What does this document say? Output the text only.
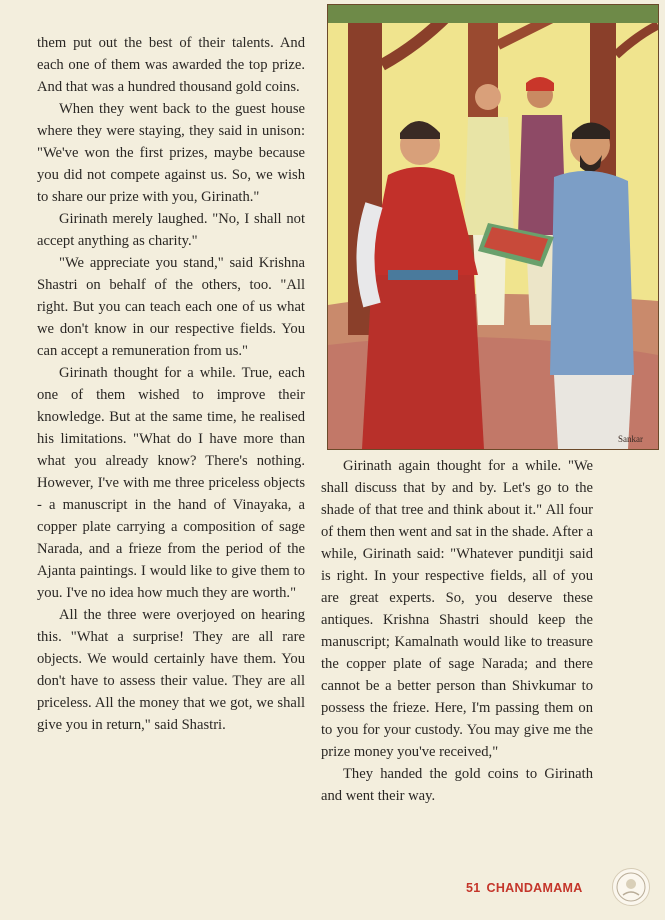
them put out the best of their talents. And each one of them was awarded the top prize. And that was a hundred thousand gold coins.

When they went back to the guest house where they were staying, they said in unison: "We've won the first prizes, maybe because you did not compete against us. So, we wish to share our prize with you, Girinath."

Girinath merely laughed. "No, I shall not accept anything as charity."

"We appreciate you stand," said Krishna Shastri on behalf of the others, too. "All right. But you can teach each one of us what we don't know in our respective fields. You can accept a remuneration from us."

Girinath thought for a while. True, each one of them wished to improve their knowledge. But at the same time, he realised his limitations. "What do I have more than what you already know? There's nothing. However, I've with me three priceless objects - a manuscript in the hand of Vinayaka, a copper plate carrying a composition of sage Narada, and a frieze from the period of the Ajanta paintings. I would like to give them to you. I've no idea how much they are worth."

All the three were overjoyed on hearing this. "What a surprise! They are all rare objects. We would certainly have them. You don't have to assess their value. They are all priceless. All the money that we got, we shall give you in return," said Shastri.

Sankar

Girinath again thought for a while. "We shall discuss that by and by. Let's go to the shade of that tree and think about it." All four of them then went and sat in the shade. After a while, Girinath said: "Whatever punditji said is right. In your respective fields, all of you are great experts. So, you deserve these antiques. Krishna Shastri should keep the manuscript; Kamalnath would like to treasure the copper plate of sage Narada; and there cannot be a better person than Shivkumar to possess the frieze. Here, I'm passing them on to you for your custody. You may give me the prize money you've received,"

They handed the gold coins to Girinath and went their way.

51 CHANDAMAMA
